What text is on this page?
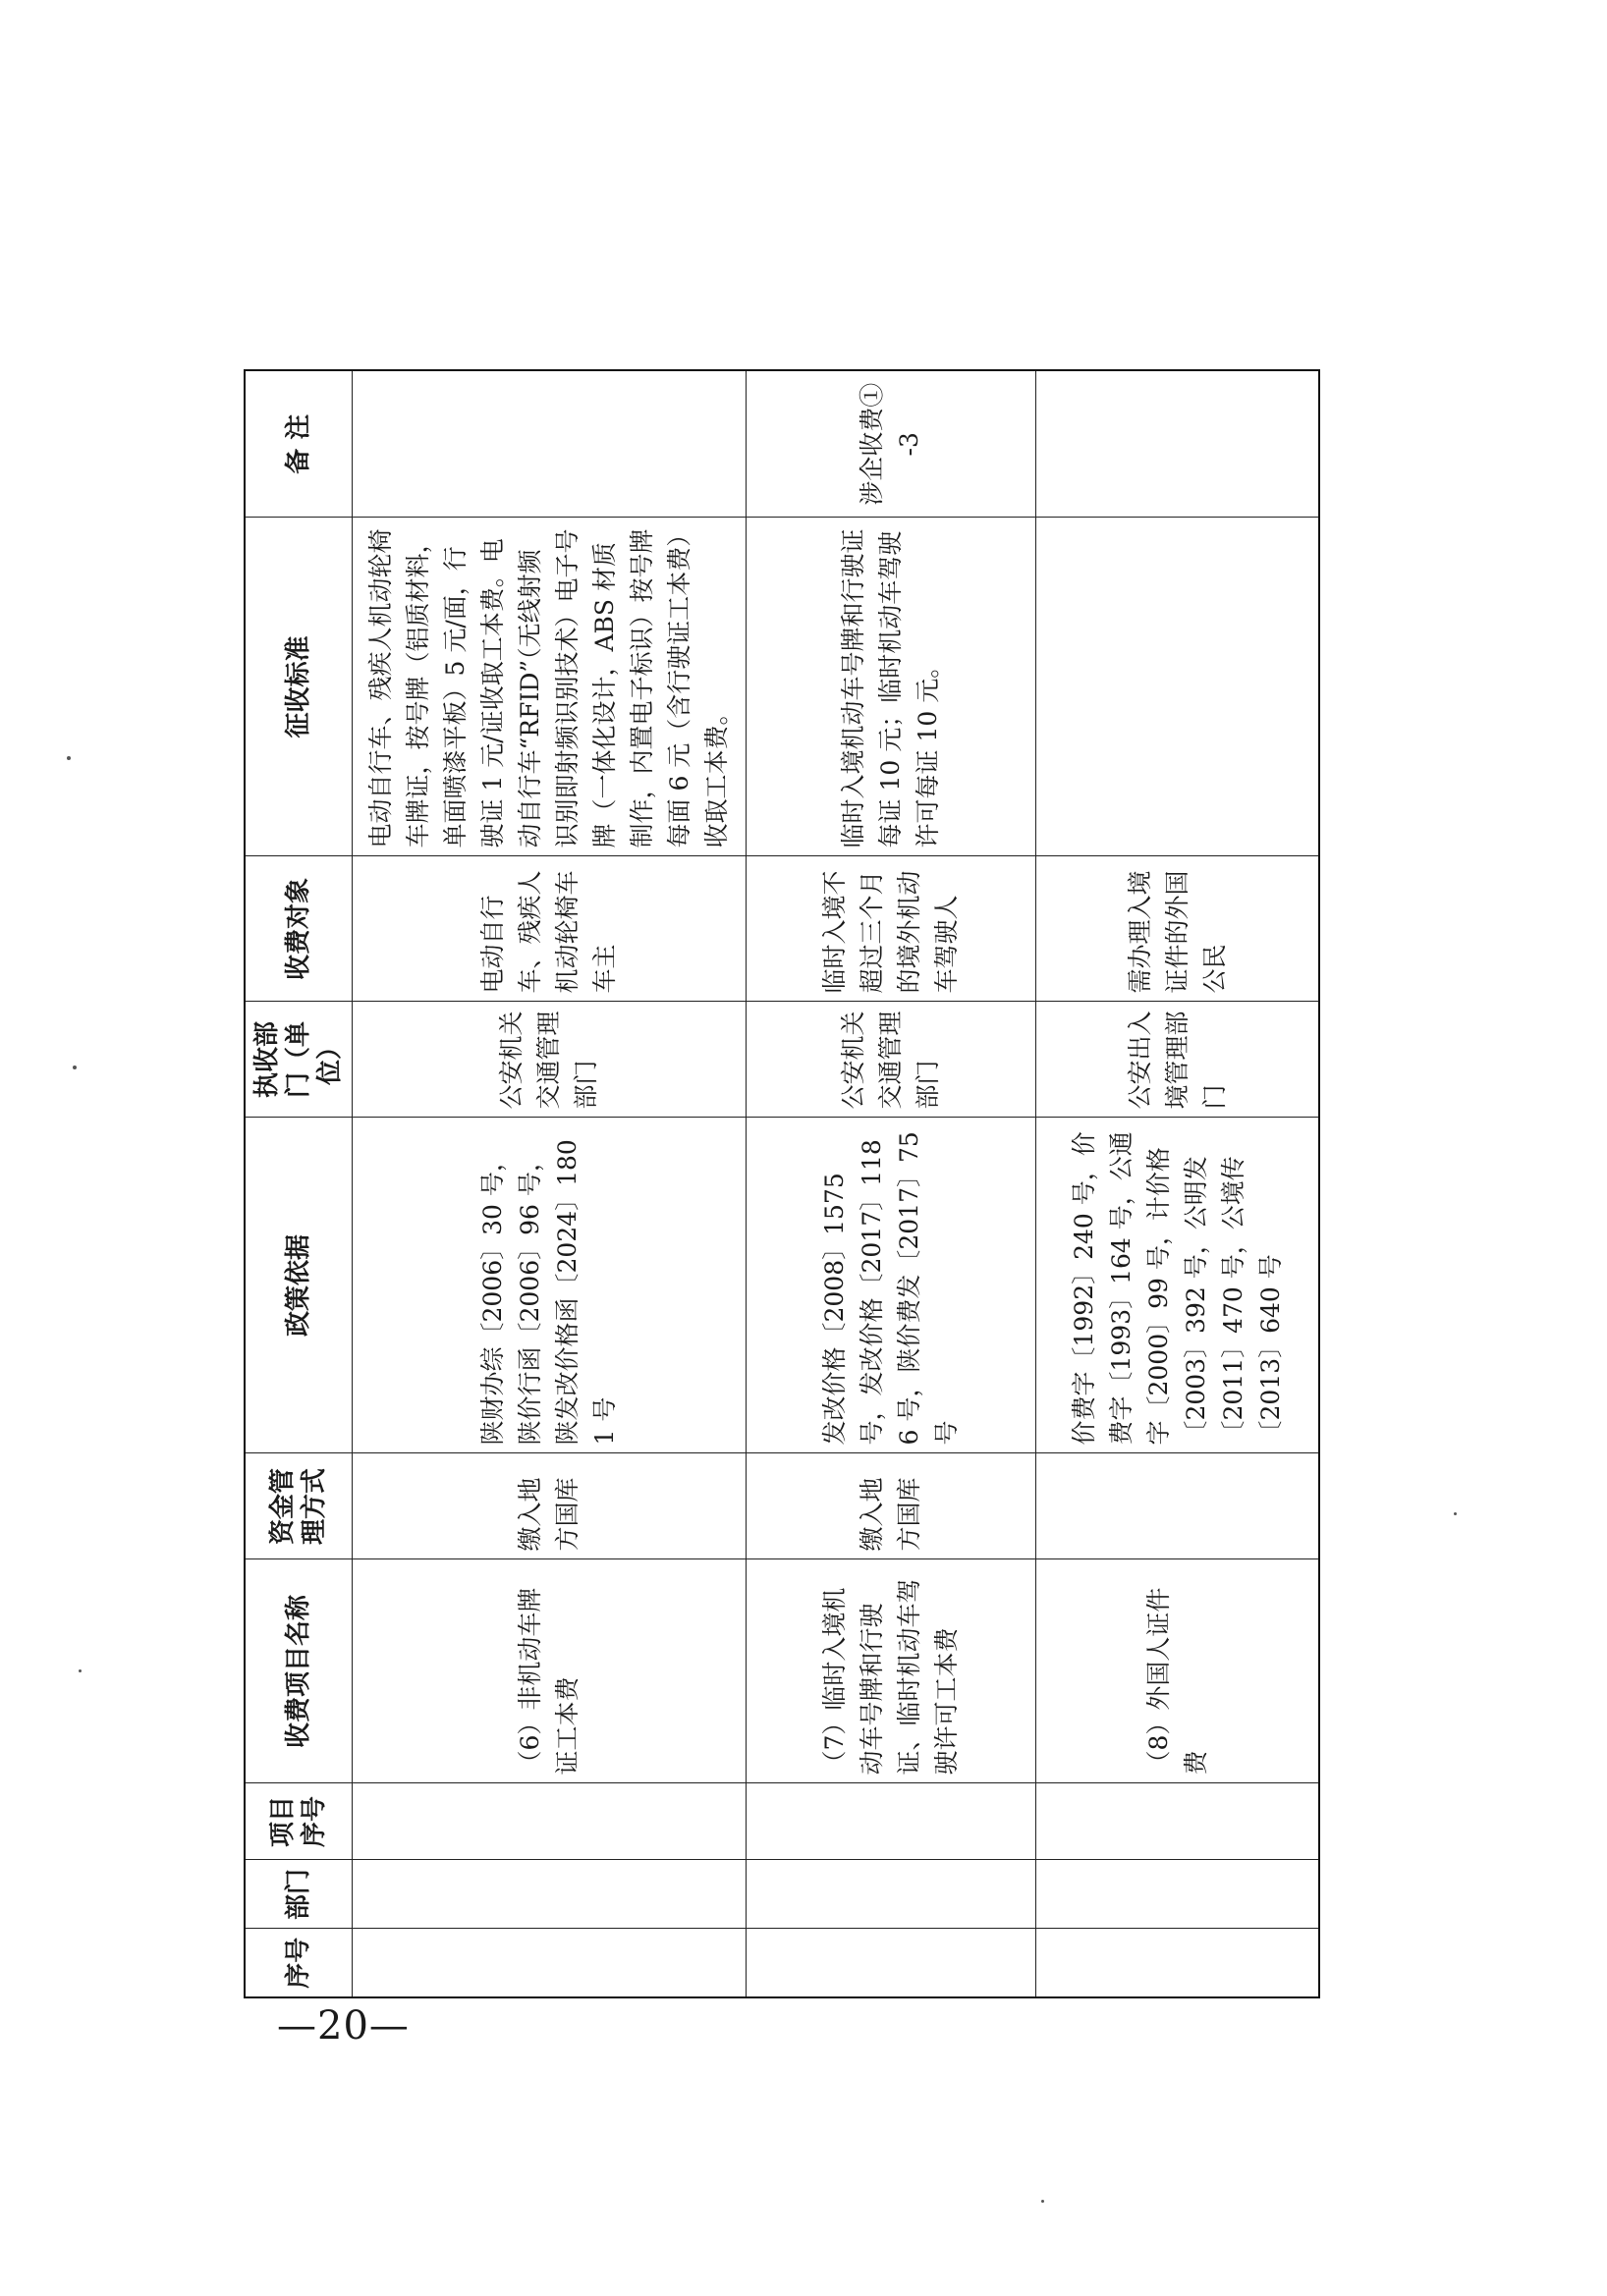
序号	部门	项目序号	收费项目名称	资金管理方式	政策依据	执收部门（单位）	收费对象	征收标准	备 注
			（6）非机动车牌证工本费	缴入地方国库	陕财办综〔2006〕30 号，陕价行函〔2006〕96 号，陕发改价格函〔2024〕1801 号	公安机关交通管理部门	电动自行车、残疾人机动轮椅车车主	电动自行车、残疾人机动轮椅车牌证，按号牌（铝质材料，单面喷漆平板）5 元/面，行驶证 1 元/证收取工本费。电动自行车“RFID”（无线射频识别即射频识别技术）电子号牌（一体化设计，ABS 材质制作，内置电子标识）按号牌每面 6 元（含行驶证工本费）收取工本费。	
			（7）临时入境机动车号牌和行驶证、临时机动车驾驶许可工本费	缴入地方国库	发改价格〔2008〕1575 号，发改价格〔2017〕1186 号，陕价费发〔2017〕75 号	公安机关交通管理部门	临时入境不超过三个月的境外机动车驾驶人	临时入境机动车号牌和行驶证每证 10 元；临时机动车驾驶许可每证 10 元。	涉企收费①-3
			（8）外国人证件费		价费字〔1992〕240 号，价费字〔1993〕164 号，公通字〔2000〕99 号，计价格〔2003〕392 号，公明发〔2011〕470 号，公境传〔2013〕640 号	公安出入境管理部门	需办理入境证件的外国公民		
—20—
